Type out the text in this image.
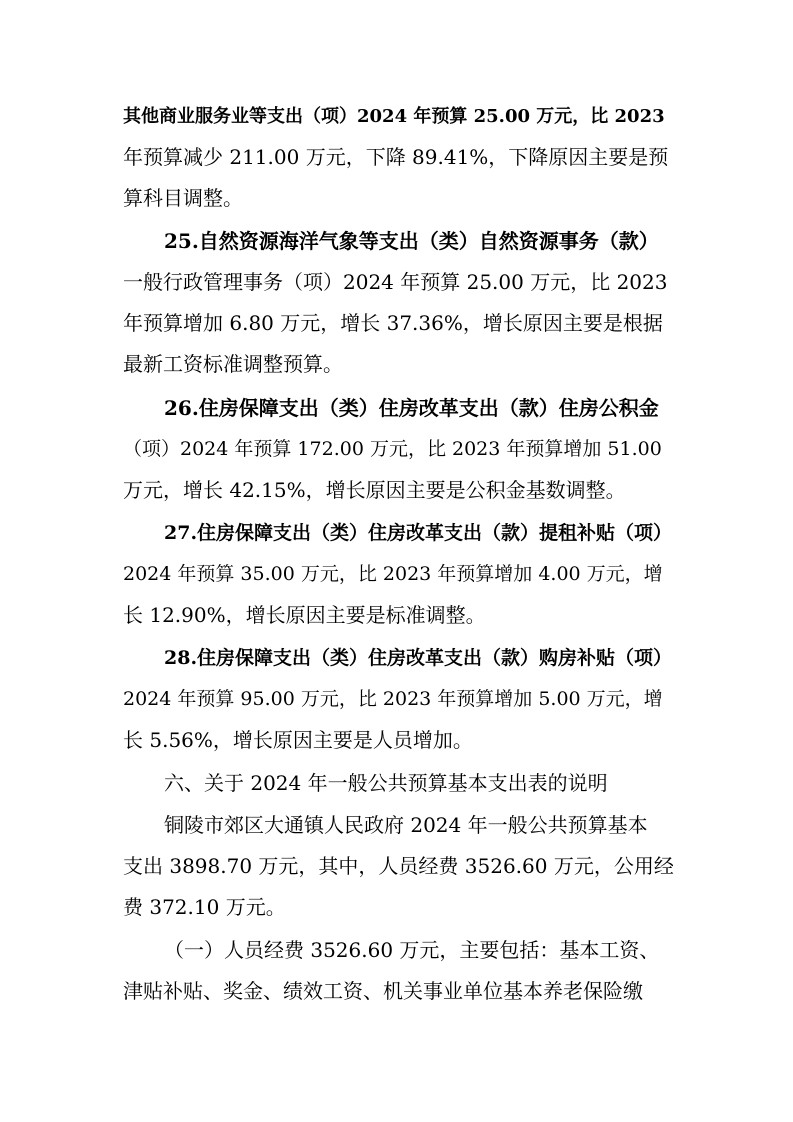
其他商业服务业等支出（项）2024 年预算 25.00 万元，比 2023
年预算减少 211.00 万元，下降 89.41%，下降原因主要是预
算科目调整。
25.自然资源海洋气象等支出（类）自然资源事务（款）
一般行政管理事务（项）2024 年预算 25.00 万元，比 2023
年预算增加 6.80 万元，增长 37.36%，增长原因主要是根据
最新工资标准调整预算。
26.住房保障支出（类）住房改革支出（款）住房公积金
（项）2024 年预算 172.00 万元，比 2023 年预算增加 51.00
万元，增长 42.15%，增长原因主要是公积金基数调整。
27.住房保障支出（类）住房改革支出（款）提租补贴（项）
2024 年预算 35.00 万元，比 2023 年预算增加 4.00 万元，增
长 12.90%，增长原因主要是标准调整。
28.住房保障支出（类）住房改革支出（款）购房补贴（项）
2024 年预算 95.00 万元，比 2023 年预算增加 5.00 万元，增
长 5.56%，增长原因主要是人员增加。
六、关于 2024 年一般公共预算基本支出表的说明
铜陵市郊区大通镇人民政府 2024 年一般公共预算基本
支出 3898.70 万元，其中，人员经费 3526.60 万元，公用经
费 372.10 万元。
（一）人员经费 3526.60 万元，主要包括：基本工资、
津贴补贴、奖金、绩效工资、机关事业单位基本养老保险缴
